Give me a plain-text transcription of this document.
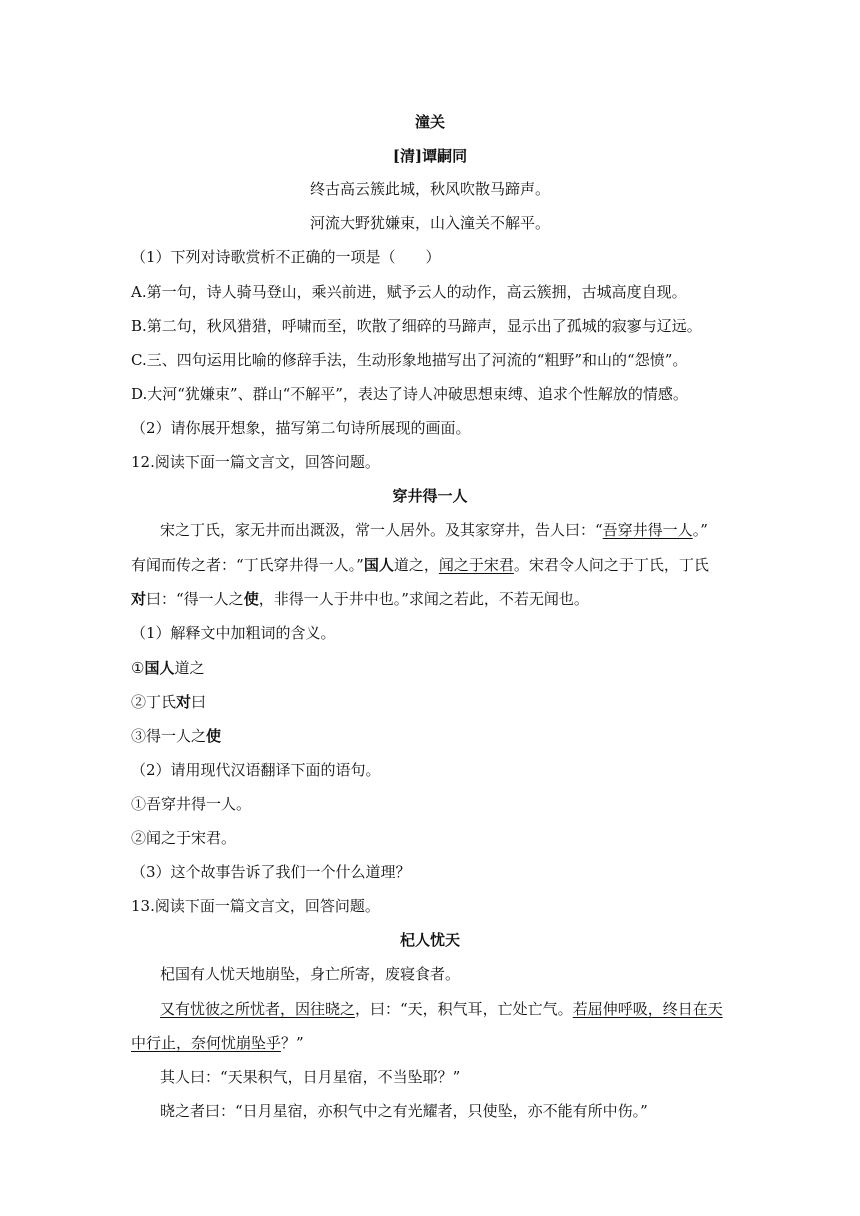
潼关
[清]谭嗣同
终古高云簇此城，秋风吹散马蹄声。
河流大野犹嫌束，山入潼关不解平。
（1）下列对诗歌赏析不正确的一项是（　　）
A.第一句，诗人骑马登山，乘兴前进，赋予云人的动作，高云簇拥，古城高度自现。
B.第二句，秋风猎猎，呼啸而至，吹散了细碎的马蹄声，显示出了孤城的寂寥与辽远。
C.三、四句运用比喻的修辞手法，生动形象地描写出了河流的“粗野”和山的“怨愤”。
D.大河“犹嫌束”、群山“不解平”，表达了诗人冲破思想束缚、追求个性解放的情感。
（2）请你展开想象，描写第二句诗所展现的画面。
12.阅读下面一篇文言文，回答问题。
穿井得一人
宋之丁氏，家无井而出溉汲，常一人居外。及其家穿井，告人曰：“吾穿井得一人。”
有闻而传之者：“丁氏穿井得一人。”国人道之，闻之于宋君。宋君令人问之于丁氏，丁氏
对曰：“得一人之使，非得一人于井中也。”求闻之若此，不若无闻也。
（1）解释文中加粗词的含义。
①国人道之
②丁氏对曰
③得一人之使
（2）请用现代汉语翻译下面的语句。
①吾穿井得一人。
②闻之于宋君。
（3）这个故事告诉了我们一个什么道理？
13.阅读下面一篇文言文，回答问题。
杞人忧天
杞国有人忧天地崩坠，身亡所寄，废寝食者。
又有忧彼之所忧者，因往晓之，曰：“天，积气耳，亡处亡气。若屈伸呼吸，终日在天
中行止，奈何忧崩坠乎？”
其人曰：“天果积气，日月星宿，不当坠耶？”
晓之者曰：“日月星宿，亦积气中之有光耀者，只使坠，亦不能有所中伤。”
